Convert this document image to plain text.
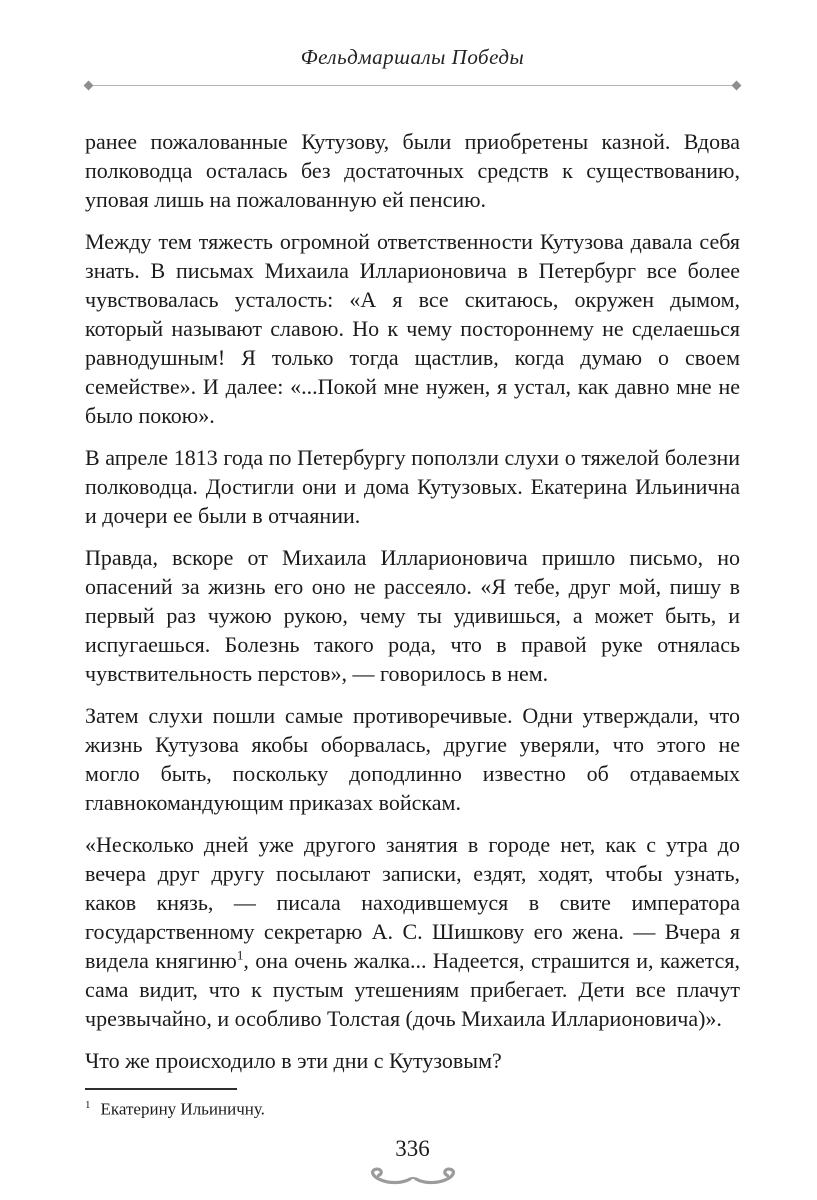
Фельдмаршалы Победы

ранее пожалованные Кутузову, были приобретены казной. Вдова полководца осталась без достаточных средств к существованию, уповая лишь на пожалованную ей пенсию.

Между тем тяжесть огромной ответственности Кутузова давала себя знать. В письмах Михаила Илларионовича в Петербург все более чувствовалась усталость: «А я все скитаюсь, окружен дымом, который называют славою. Но к чему постороннему не сделаешься равнодушным! Я только тогда щастлив, когда думаю о своем семействе». И далее: «...Покой мне нужен, я устал, как давно мне не было покою».

В апреле 1813 года по Петербургу поползли слухи о тяжелой болезни полководца. Достигли они и дома Кутузовых. Екатерина Ильинична и дочери ее были в отчаянии.

Правда, вскоре от Михаила Илларионовича пришло письмо, но опасений за жизнь его оно не рассеяло. «Я тебе, друг мой, пишу в первый раз чужою рукою, чему ты удивишься, а может быть, и испугаешься. Болезнь такого рода, что в правой руке отнялась чувствительность перстов», — говорилось в нем.

Затем слухи пошли самые противоречивые. Одни утверждали, что жизнь Кутузова якобы оборвалась, другие уверяли, что этого не могло быть, поскольку доподлинно известно об отдаваемых главнокомандующим приказах войскам.

«Несколько дней уже другого занятия в городе нет, как с утра до вечера друг другу посылают записки, ездят, ходят, чтобы узнать, каков князь, — писала находившемуся в свите императора государственному секретарю А. С. Шишкову его жена. — Вчера я видела княгиню$^1$, она очень жалка... Надеется, страшится и, кажется, сама видит, что к пустым утешениям прибегает. Дети все плачут чрезвычайно, и особливо Толстая (дочь Михаила Илларионовича)».

Что же происходило в эти дни с Кутузовым?

$^1$ Екатерину Ильиничну.
336
